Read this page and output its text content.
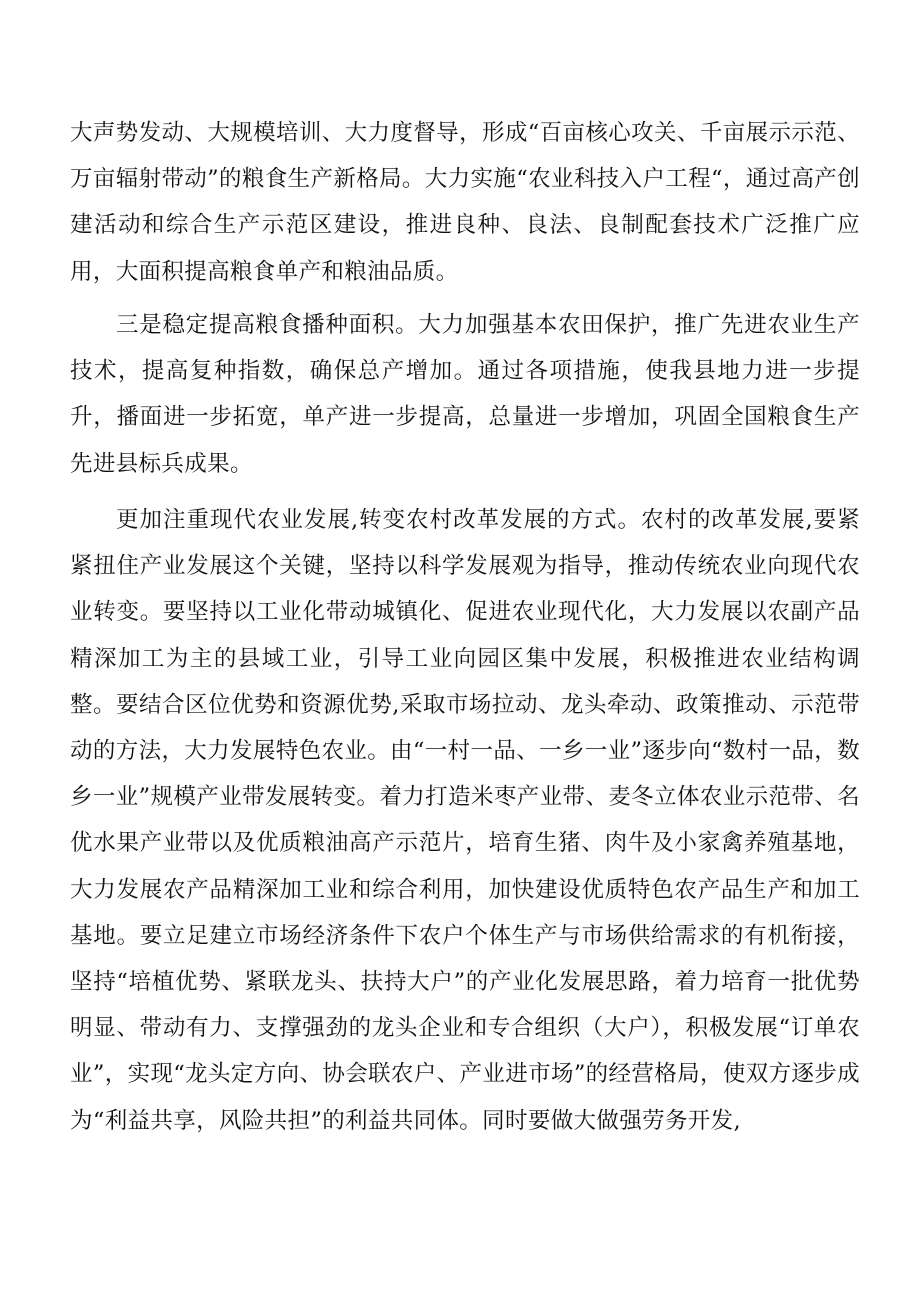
大声势发动、大规模培训、大力度督导，形成“百亩核心攻关、千亩展示示范、万亩辐射带动”的粮食生产新格局。大力实施“农业科技入户工程“，通过高产创建活动和综合生产示范区建设，推进良种、良法、良制配套技术广泛推广应用，大面积提高粮食单产和粮油品质。

三是稳定提高粮食播种面积。大力加强基本农田保护，推广先进农业生产技术，提高复种指数，确保总产增加。通过各项措施，使我县地力进一步提升，播面进一步拓宽，单产进一步提高，总量进一步增加，巩固全国粮食生产先进县标兵成果。

更加注重现代农业发展,转变农村改革发展的方式。农村的改革发展,要紧紧扭住产业发展这个关键，坚持以科学发展观为指导，推动传统农业向现代农业转变。要坚持以工业化带动城镇化、促进农业现代化，大力发展以农副产品精深加工为主的县域工业，引导工业向园区集中发展，积极推进农业结构调整。要结合区位优势和资源优势,采取市场拉动、龙头牵动、政策推动、示范带动的方法，大力发展特色农业。由“一村一品、一乡一业”逐步向“数村一品，数乡一业”规模产业带发展转变。着力打造米枣产业带、麦冬立体农业示范带、名优水果产业带以及优质粮油高产示范片，培育生猪、肉牛及小家禽养殖基地，大力发展农产品精深加工业和综合利用，加快建设优质特色农产品生产和加工基地。要立足建立市场经济条件下农户个体生产与市场供给需求的有机衔接，坚持“培植优势、紧联龙头、扶持大户”的产业化发展思路，着力培育一批优势明显、带动有力、支撑强劲的龙头企业和专合组织（大户），积极发展“订单农业”，实现“龙头定方向、协会联农户、产业进市场”的经营格局，使双方逐步成为“利益共享，风险共担”的利益共同体。同时要做大做强劳务开发,
